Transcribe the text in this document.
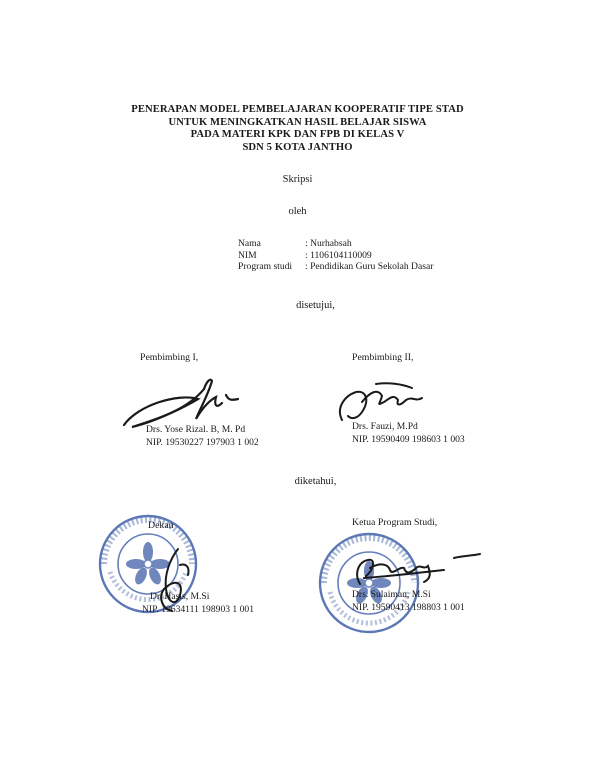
PENERAPAN MODEL PEMBELAJARAN KOOPERATIF TIPE STAD
UNTUK MENINGKATKAN HASIL BELAJAR SISWA
PADA MATERI KPK DAN FPB DI KELAS V
SDN 5 KOTA JANTHO
Skripsi
oleh
Nama	: Nurhabsah
NIM	: 1106104110009
Program studi	: Pendidikan Guru Sekolah Dasar
disetujui,
Pembimbing I,
Drs. Yose Rizal. B, M. Pd
NIP. 19530227 197903 1 002
Pembimbing II,
Drs. Fauzi, M.Pd
NIP. 19590409 198603 1 003
diketahui,
Dekan
Dr. Hasis, M.Si
NIP. 19634111 198903 1 001
Ketua Program Studi,
Drs. Sulaiman, M.Si
NIP. 19590413 198803 1 001
